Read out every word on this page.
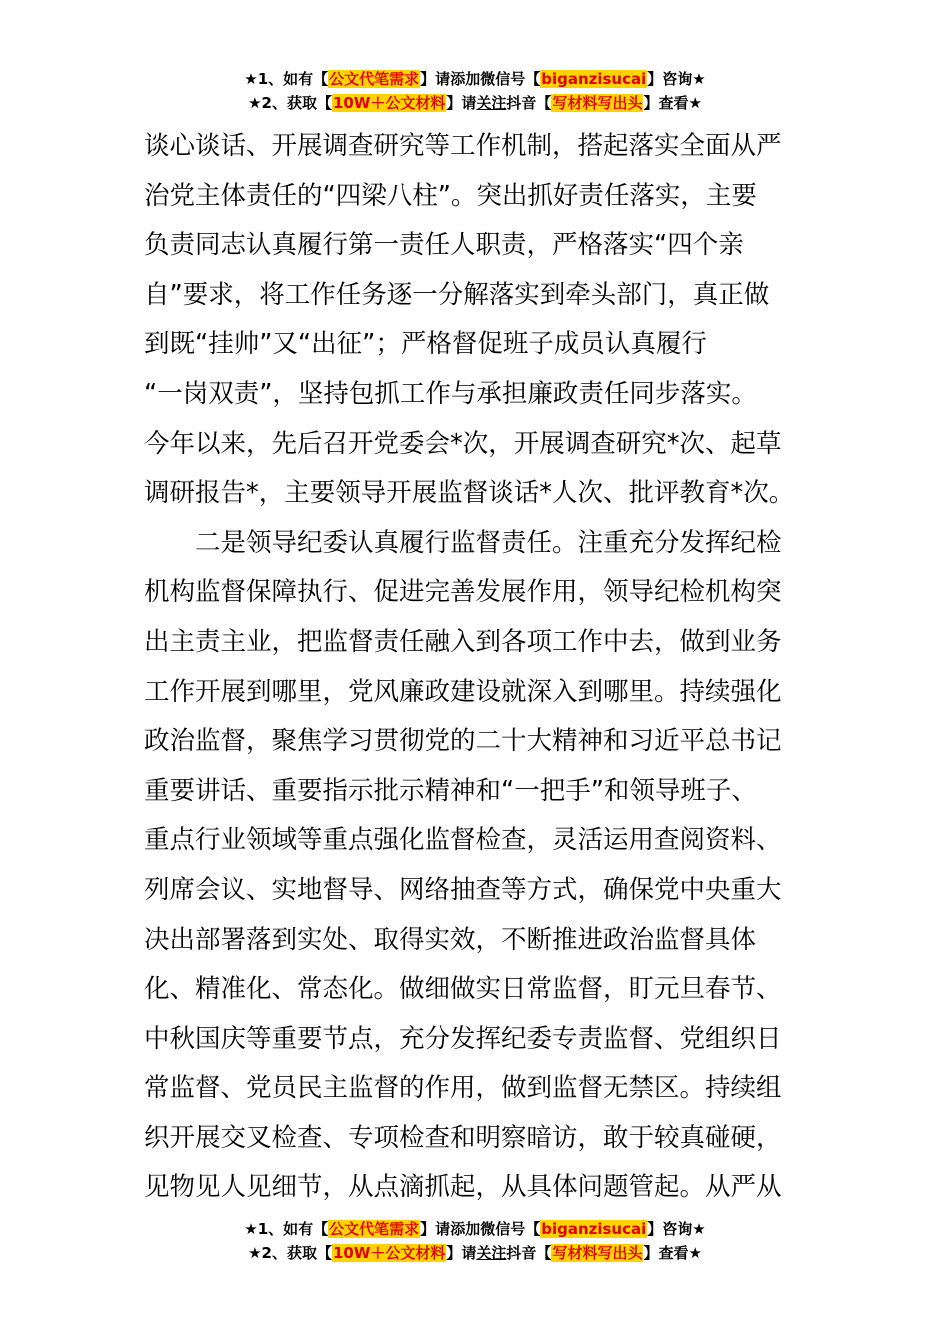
★1、如有【公文代笔需求】请添加微信号【biganzisucai】咨询★
★2、获取【10W＋公文材料】请关注抖音【写材料写出头】查看★
谈心谈话、开展调查研究等工作机制，搭起落实全面从严
治党主体责任的“四梁八柱”。突出抓好责任落实，主要
负责同志认真履行第一责任人职责，严格落实“四个亲
自”要求，将工作任务逐一分解落实到牵头部门，真正做
到既“挂帅”又“出征”；严格督促班子成员认真履行
“一岗双责”，坚持包抓工作与承担廉政责任同步落实。
今年以来，先后召开党委会*次，开展调查研究*次、起草
调研报告*，主要领导开展监督谈话*人次、批评教育*次。
　　二是领导纪委认真履行监督责任。注重充分发挥纪检
机构监督保障执行、促进完善发展作用，领导纪检机构突
出主责主业，把监督责任融入到各项工作中去，做到业务
工作开展到哪里，党风廉政建设就深入到哪里。持续强化
政治监督，聚焦学习贯彻党的二十大精神和习近平总书记
重要讲话、重要指示批示精神和“一把手”和领导班子、
重点行业领域等重点强化监督检查，灵活运用查阅资料、
列席会议、实地督导、网络抽查等方式，确保党中央重大
决出部署落到实处、取得实效，不断推进政治监督具体
化、精准化、常态化。做细做实日常监督，盯元旦春节、
中秋国庆等重要节点，充分发挥纪委专责监督、党组织日
常监督、党员民主监督的作用，做到监督无禁区。持续组
织开展交叉检查、专项检查和明察暗访，敢于较真碰硬，
见物见人见细节，从点滴抓起，从具体问题管起。从严从
★1、如有【公文代笔需求】请添加微信号【biganzisucai】咨询★
★2、获取【10W＋公文材料】请关注抖音【写材料写出头】查看★
